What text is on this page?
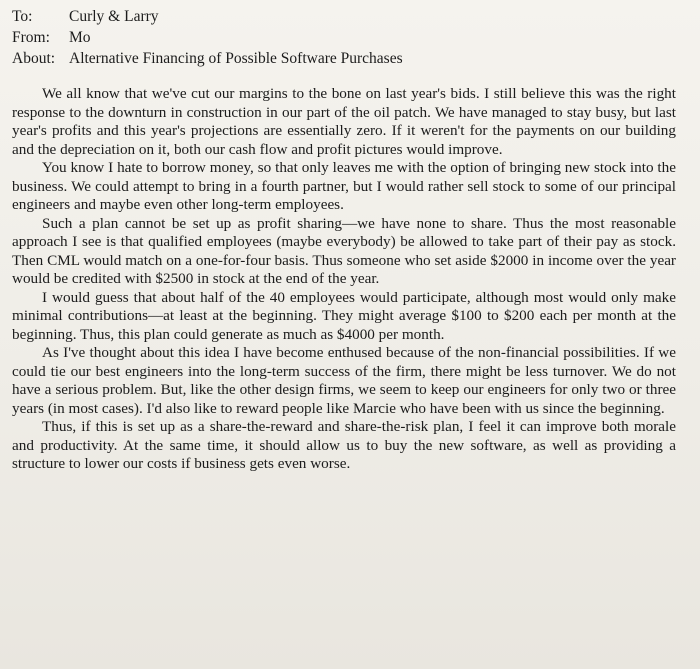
To:	Curly & Larry
From:	Mo
About: Alternative Financing of Possible Software Purchases

We all know that we've cut our margins to the bone on last year's bids. I still believe this was the right response to the downturn in construction in our part of the oil patch. We have managed to stay busy, but last year's profits and this year's projections are essentially zero. If it weren't for the payments on our building and the depreciation on it, both our cash flow and profit pictures would improve.

You know I hate to borrow money, so that only leaves me with the option of bringing new stock into the business. We could attempt to bring in a fourth partner, but I would rather sell stock to some of our principal engineers and maybe even other long-term employees.

Such a plan cannot be set up as profit sharing—we have none to share. Thus the most reasonable approach I see is that qualified employees (maybe everybody) be allowed to take part of their pay as stock. Then CML would match on a one-for-four basis. Thus someone who set aside $2000 in income over the year would be credited with $2500 in stock at the end of the year.

I would guess that about half of the 40 employees would participate, although most would only make minimal contributions—at least at the beginning. They might average $100 to $200 each per month at the beginning. Thus, this plan could generate as much as $4000 per month.

As I've thought about this idea I have become enthused because of the non-financial possibilities. If we could tie our best engineers into the long-term success of the firm, there might be less turnover. We do not have a serious problem. But, like the other design firms, we seem to keep our engineers for only two or three years (in most cases). I'd also like to reward people like Marcie who have been with us since the beginning.

Thus, if this is set up as a share-the-reward and share-the-risk plan, I feel it can improve both morale and productivity. At the same time, it should allow us to buy the new software, as well as providing a structure to lower our costs if business gets even worse.
